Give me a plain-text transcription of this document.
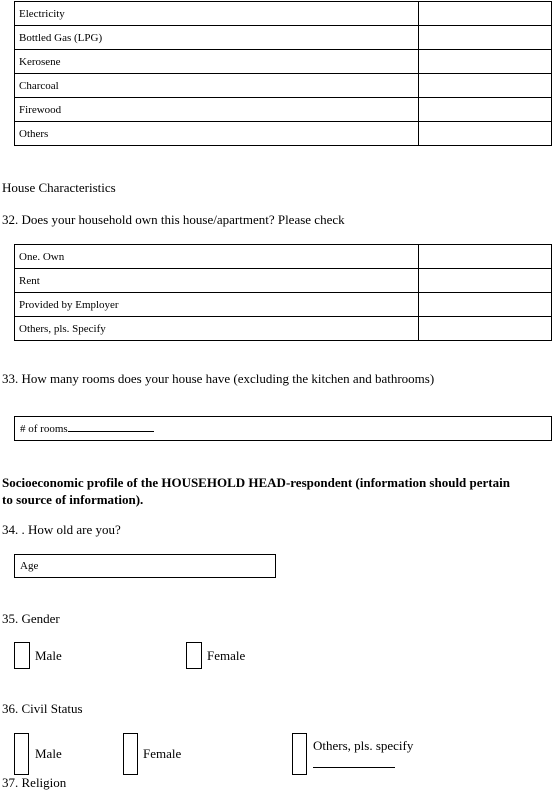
Electricity	
Bottled Gas (LPG)	
Kerosene	
Charcoal	
Firewood	
Others	
House Characteristics
32. Does your household own this house/apartment? Please check
One. Own	
Rent	
Provided by Employer	
Others, pls. Specify	
33. How many rooms does your house have (excluding the kitchen and bathrooms)
# of rooms
Socioeconomic profile of the HOUSEHOLD HEAD-respondent (information should pertain to source of information).
34. . How old are you?
Age
35. Gender
Male	Female
36. Civil Status
Male	Female
Others, pls. specify
37. Religion
